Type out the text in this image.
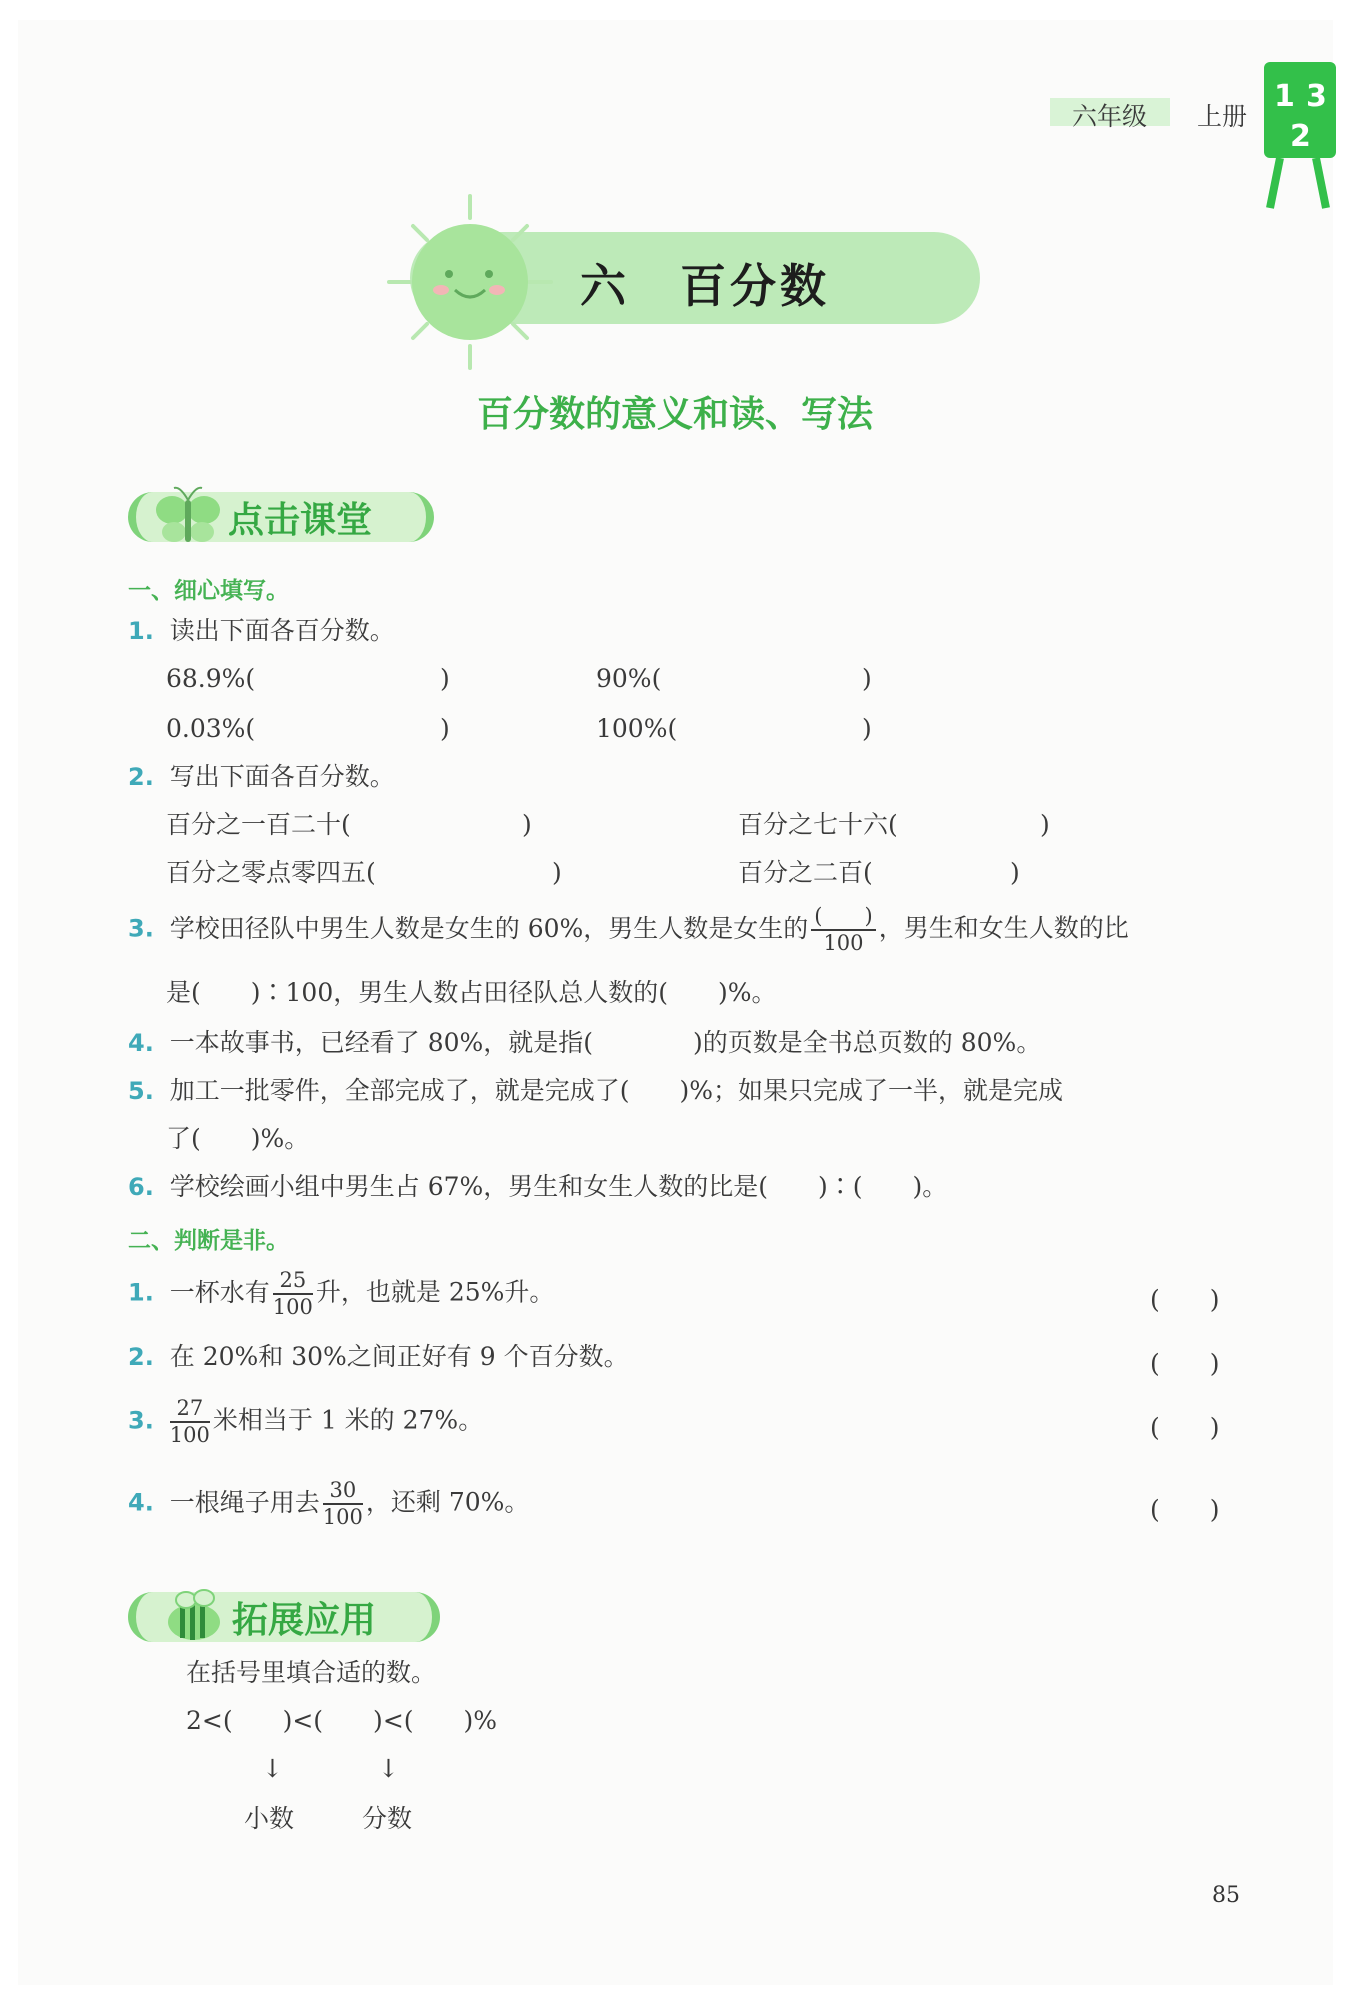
六年级 上册
1 3
2
六　百分数
百分数的意义和读、写法
点击课堂
一、细心填写。
1. 读出下面各百分数。
68.9%(	)	90%(	)
0.03%(	)	100%(	)
2. 写出下面各百分数。
百分之一百二十(	)	百分之七十六(	)
百分之零点零四五(	)	百分之二百(	)
3. 学校田径队中男生人数是女生的 60%，男生人数是女生的 $\frac{( )}{100}$ ，男生和女生人数的比
是(　　)∶100，男生人数占田径队总人数的(　　)%。
4. 一本故事书，已经看了 80%，就是指(　　　　)的页数是全书总页数的 80%。
5. 加工一批零件，全部完成了，就是完成了(　　)%；如果只完成了一半，就是完成
了(　　)%。
6. 学校绘画小组中男生占 67%，男生和女生人数的比是(　　)∶(　　)。
二、判断是非。
1. 一杯水有 $\frac{25}{100}$ 升，也就是 25%升。	(　　)
2. 在 20%和 30%之间正好有 9 个百分数。	(　　)
3. $\frac{27}{100}$ 米相当于 1 米的 27%。	(　　)
4. 一根绳子用去 $\frac{30}{100}$ ，还剩 70%。	(　　)
拓展应用
在括号里填合适的数。
2<(　　)<(　　)<(　　)%
↓	↓
小数	分数
85
